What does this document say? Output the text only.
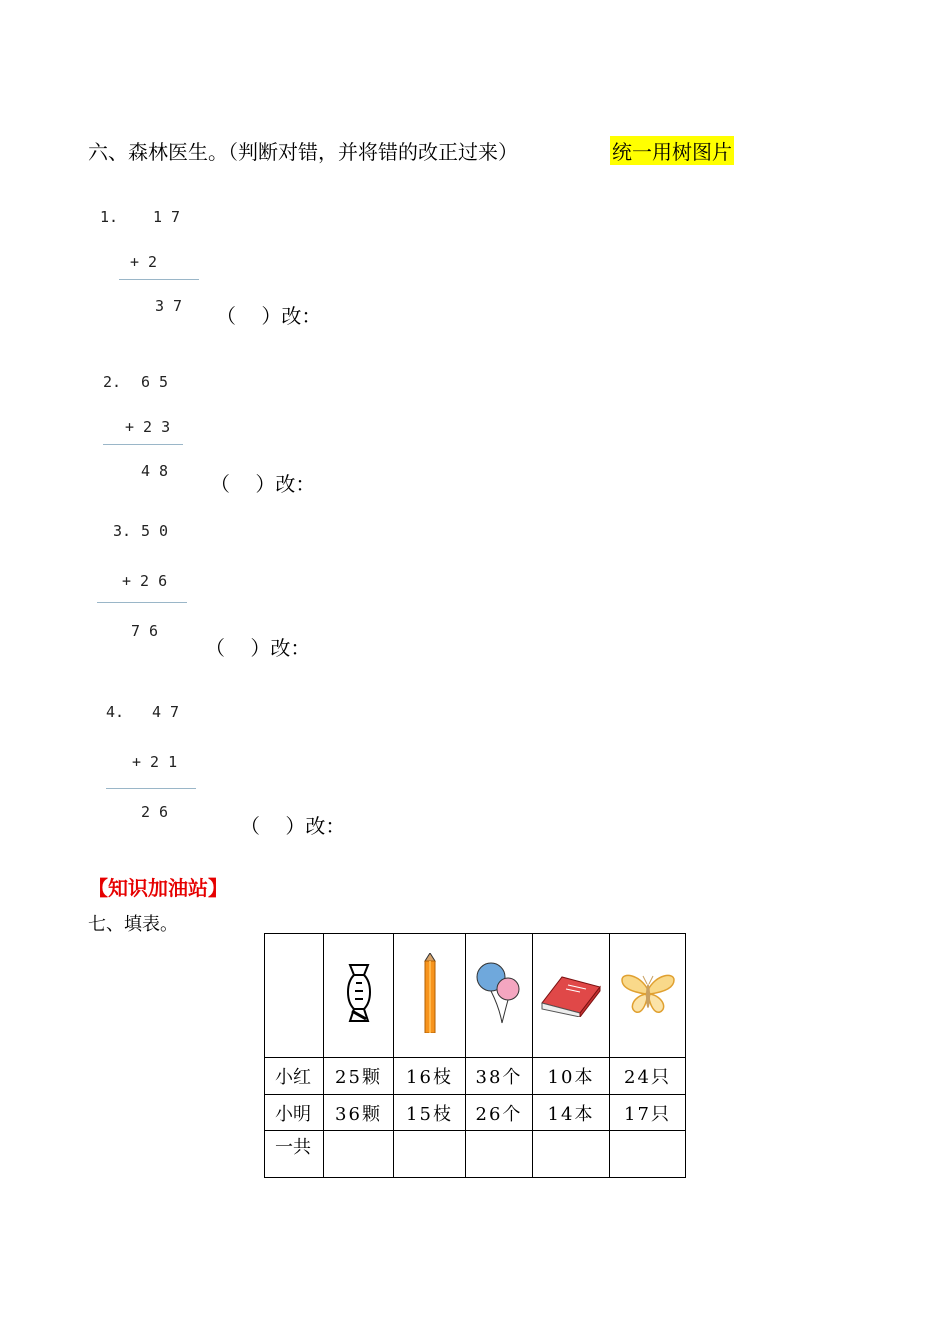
六、森林医生。（判断对错，并将错的改正过来）	统一用树图片
1. 1 7
+ 2
3 7 （    ）改：
2. 6 5
+ 2 3
4 8
（    ）改：
3. 5 0
+ 2 6
7 6
（    ）改：
4. 4 7
+ 2 1
2 6
（    ）改：
【知识加油站】
七、填表。

小红	25颗	16枝	38个	10本	24只
小明	36颗	15枝	26个	14本	17只
一共					
